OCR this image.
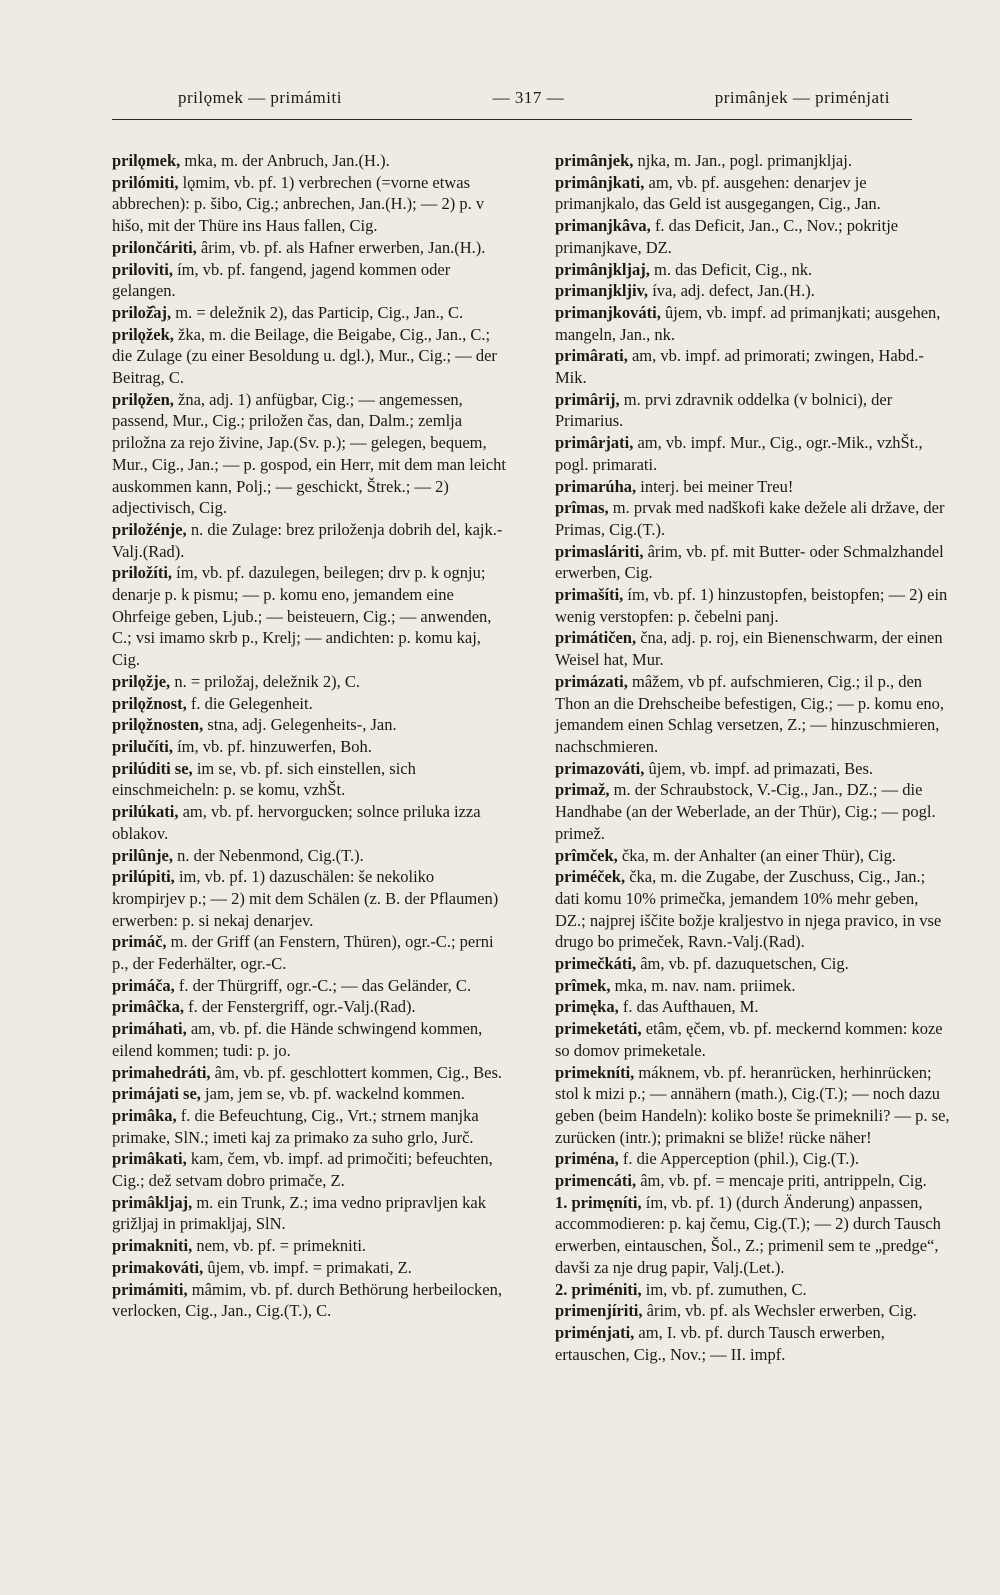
prilǫmek — primámiti	— 317 —	primânjek — priménjati

prilǫmek, mka, m. der Anbruch, Jan.(H.).

prilómiti, lǫmim, vb. pf. 1) verbrechen (=vorne etwas abbrechen): p. šibo, Cig.; anbrechen, Jan.(H.); — 2) p. v hišo, mit der Thüre ins Haus fallen, Cig.

prilončáriti, ârim, vb. pf. als Hafner erwerben, Jan.(H.).

priloviti, ím, vb. pf. fangend, jagend kommen oder gelangen.

prilož̂aj, m. = deležnik 2), das Particip, Cig., Jan., C.

prilǫžek, žka, m. die Beilage, die Beigabe, Cig., Jan., C.; die Zulage (zu einer Besoldung u. dgl.), Mur., Cig.; — der Beitrag, C.

prilǫžen, žna, adj. 1) anfügbar, Cig.; — angemessen, passend, Mur., Cig.; priložen čas, dan, Dalm.; zemlja priložna za rejo živine, Jap.(Sv. p.); — gelegen, bequem, Mur., Cig., Jan.; — p. gospod, ein Herr, mit dem man leicht auskommen kann, Polj.; — geschickt, Štrek.; — 2) adjectivisch, Cig.

priložénje, n. die Zulage: brez priloženja dobrih del, kajk.-Valj.(Rad).

priložíti, ím, vb. pf. dazulegen, beilegen; drv p. k ognju; denarje p. k pismu; — p. komu eno, jemandem eine Ohrfeige geben, Ljub.; — beisteuern, Cig.; — anwenden, C.; vsi imamo skrb p., Krelj; — andichten: p. komu kaj, Cig.

prilǫžje, n. = priložaj, deležnik 2), C.

prilǫžnost, f. die Gelegenheit.

prilǫžnosten, stna, adj. Gelegenheits-, Jan.

prilučíti, ím, vb. pf. hinzuwerfen, Boh.

prilúditi se, im se, vb. pf. sich einstellen, sich einschmeicheln: p. se komu, vzhŠt.

prilúkati, am, vb. pf. hervorgucken; solnce priluka izza oblakov.

prilûnje, n. der Nebenmond, Cig.(T.).

prilúpiti, im, vb. pf. 1) dazuschälen: še nekoliko krompirjev p.; — 2) mit dem Schälen (z. B. der Pflaumen) erwerben: p. si nekaj denarjev.

primáč, m. der Griff (an Fenstern, Thüren), ogr.-C.; perni p., der Federhälter, ogr.-C.

primáča, f. der Thürgriff, ogr.-C.; — das Geländer, C.

primâčka, f. der Fenstergriff, ogr.-Valj.(Rad).

primáhati, am, vb. pf. die Hände schwingend kommen, eilend kommen; tudi: p. jo.

primahedráti, âm, vb. pf. geschlottert kommen, Cig., Bes.

primájati se, jam, jem se, vb. pf. wackelnd kommen.

primâka, f. die Befeuchtung, Cig., Vrt.; strnem manjka primake, SlN.; imeti kaj za primako za suho grlo, Jurč.

primâkati, kam, čem, vb. impf. ad primočiti; befeuchten, Cig.; dež setvam dobro primače, Z.

primâkljaj, m. ein Trunk, Z.; ima vedno pripravljen kak grižljaj in primakljaj, SlN.

primakniti, nem, vb. pf. = primekniti.

primakováti, ûjem, vb. impf. = primakati, Z.

primámiti, mâmim, vb. pf. durch Bethörung herbeilocken, verlocken, Cig., Jan., Cig.(T.), C.

primânjek, njka, m. Jan., pogl. primanjkljaj.

primânjkati, am, vb. pf. ausgehen: denarjev je primanjkalo, das Geld ist ausgegangen, Cig., Jan.

primanjkâva, f. das Deficit, Jan., C., Nov.; pokritje primanjkave, DZ.

primânjkljaj, m. das Deficit, Cig., nk.

primanjkljiv, íva, adj. defect, Jan.(H.).

primanjkováti, ûjem, vb. impf. ad primanjkati; ausgehen, mangeln, Jan., nk.

primârati, am, vb. impf. ad primorati; zwingen, Habd.-Mik.

primârij, m. prvi zdravnik oddelka (v bolnici), der Primarius.

primârjati, am, vb. impf. Mur., Cig., ogr.-Mik., vzhŠt., pogl. primarati.

primarúha, interj. bei meiner Treu!

prîmas, m. prvak med nadškofi kake dežele ali države, der Primas, Cig.(T.).

primasláriti, ârim, vb. pf. mit Butter- oder Schmalzhandel erwerben, Cig.

primašíti, ím, vb. pf. 1) hinzustopfen, beistopfen; — 2) ein wenig verstopfen: p. čebelni panj.

primátičen, čna, adj. p. roj, ein Bienenschwarm, der einen Weisel hat, Mur.

primázati, mâžem, vb pf. aufschmieren, Cig.; il p., den Thon an die Drehscheibe befestigen, Cig.; — p. komu eno, jemandem einen Schlag versetzen, Z.; — hinzuschmieren, nachschmieren.

primazováti, ûjem, vb. impf. ad primazati, Bes.

primaž, m. der Schraubstock, V.-Cig., Jan., DZ.; — die Handhabe (an der Weberlade, an der Thür), Cig.; — pogl. primež.

prîmček, čka, m. der Anhalter (an einer Thür), Cig.

priméček, čka, m. die Zugabe, der Zuschuss, Cig., Jan.; dati komu 10% primečka, jemandem 10% mehr geben, DZ.; najprej iščite božje kraljestvo in njega pravico, in vse drugo bo primeček, Ravn.-Valj.(Rad).

primečkáti, âm, vb. pf. dazuquetschen, Cig.

prîmek, mka, m. nav. nam. priimek.

primęka, f. das Aufthauen, M.

primeketáti, etâm, ęčem, vb. pf. meckernd kommen: koze so domov primeketale.

primekníti, máknem, vb. pf. heranrücken, herhinrücken; stol k mizi p.; — annähern (math.), Cig.(T.); — noch dazu geben (beim Handeln): koliko boste še primeknili? — p. se, zurücken (intr.); primakni se bliže! rücke näher!

priména, f. die Apperception (phil.), Cig.(T.).

primencáti, âm, vb. pf. = mencaje priti, antrippeln, Cig.

1. primęníti, ím, vb. pf. 1) (durch Änderung) anpassen, accommodieren: p. kaj čemu, Cig.(T.); — 2) durch Tausch erwerben, eintauschen, Šol., Z.; primenil sem te „predge“, davši za nje drug papir, Valj.(Let.).

2. priméniti, im, vb. pf. zumuthen, C.

primenjíriti, ârim, vb. pf. als Wechsler erwerben, Cig.

priménjati, am, I. vb. pf. durch Tausch erwerben, ertauschen, Cig., Nov.; — II. impf.
